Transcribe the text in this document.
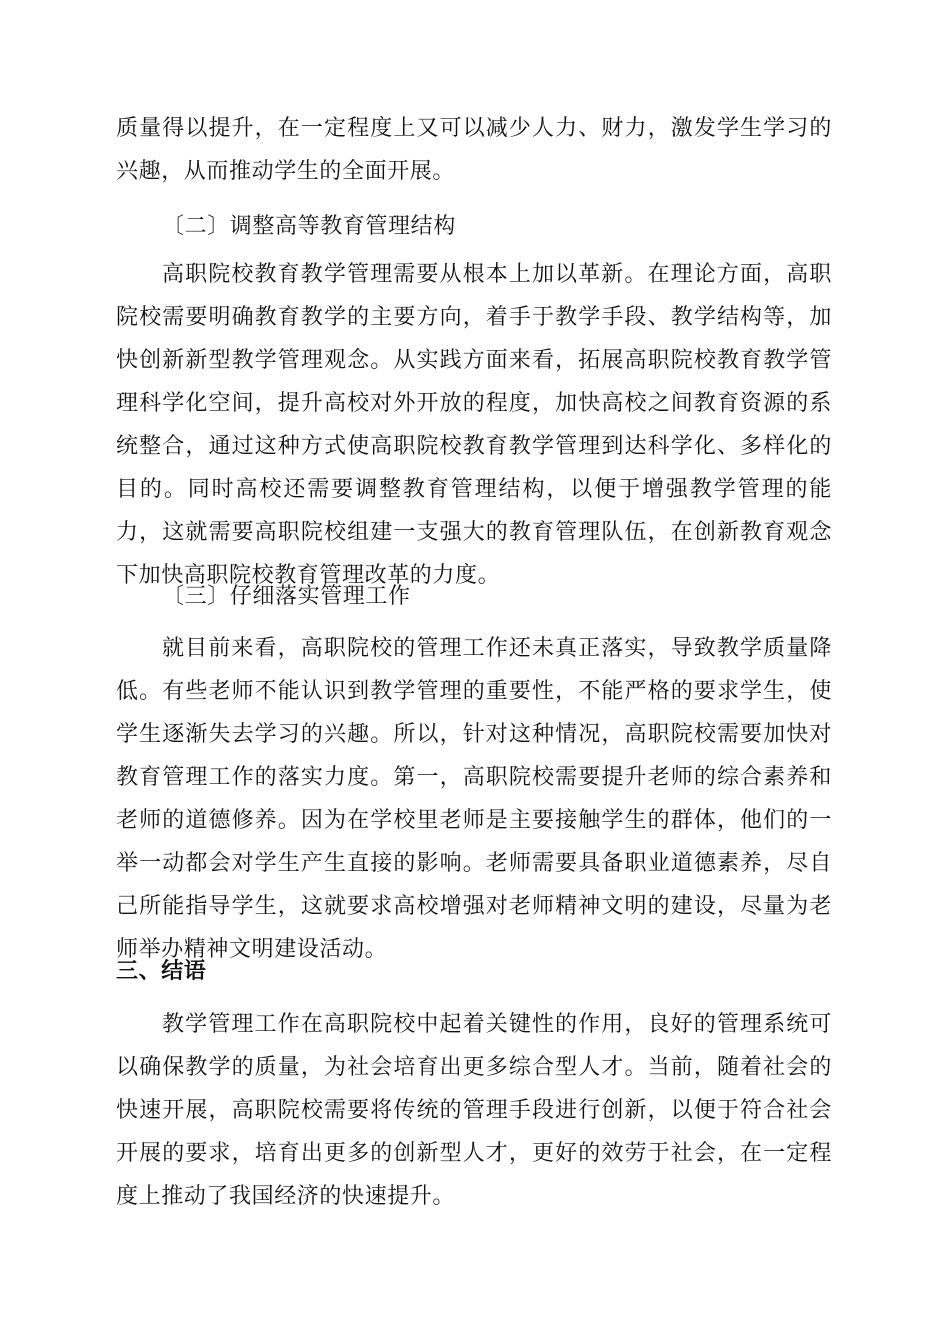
质量得以提升，在一定程度上又可以减少人力、财力，激发学生学习的兴趣，从而推动学生的全面开展。

〔二〕调整高等教育管理结构

高职院校教育教学管理需要从根本上加以革新。在理论方面，高职院校需要明确教育教学的主要方向，着手于教学手段、教学结构等，加快创新新型教学管理观念。从实践方面来看，拓展高职院校教育教学管理科学化空间，提升高校对外开放的程度，加快高校之间教育资源的系统整合，通过这种方式使高职院校教育教学管理到达科学化、多样化的目的。同时高校还需要调整教育管理结构，以便于增强教学管理的能力，这就需要高职院校组建一支强大的教育管理队伍，在创新教育观念下加快高职院校教育管理改革的力度。

〔三〕仔细落实管理工作

就目前来看，高职院校的管理工作还未真正落实，导致教学质量降低。有些老师不能认识到教学管理的重要性，不能严格的要求学生，使学生逐渐失去学习的兴趣。所以，针对这种情况，高职院校需要加快对教育管理工作的落实力度。第一，高职院校需要提升老师的综合素养和老师的道德修养。因为在学校里老师是主要接触学生的群体，他们的一举一动都会对学生产生直接的影响。老师需要具备职业道德素养，尽自己所能指导学生，这就要求高校增强对老师精神文明的建设，尽量为老师举办精神文明建设活动。

三、结语

教学管理工作在高职院校中起着关键性的作用，良好的管理系统可以确保教学的质量，为社会培育出更多综合型人才。当前，随着社会的快速开展，高职院校需要将传统的管理手段进行创新，以便于符合社会开展的要求，培育出更多的创新型人才，更好的效劳于社会，在一定程度上推动了我国经济的快速提升。
